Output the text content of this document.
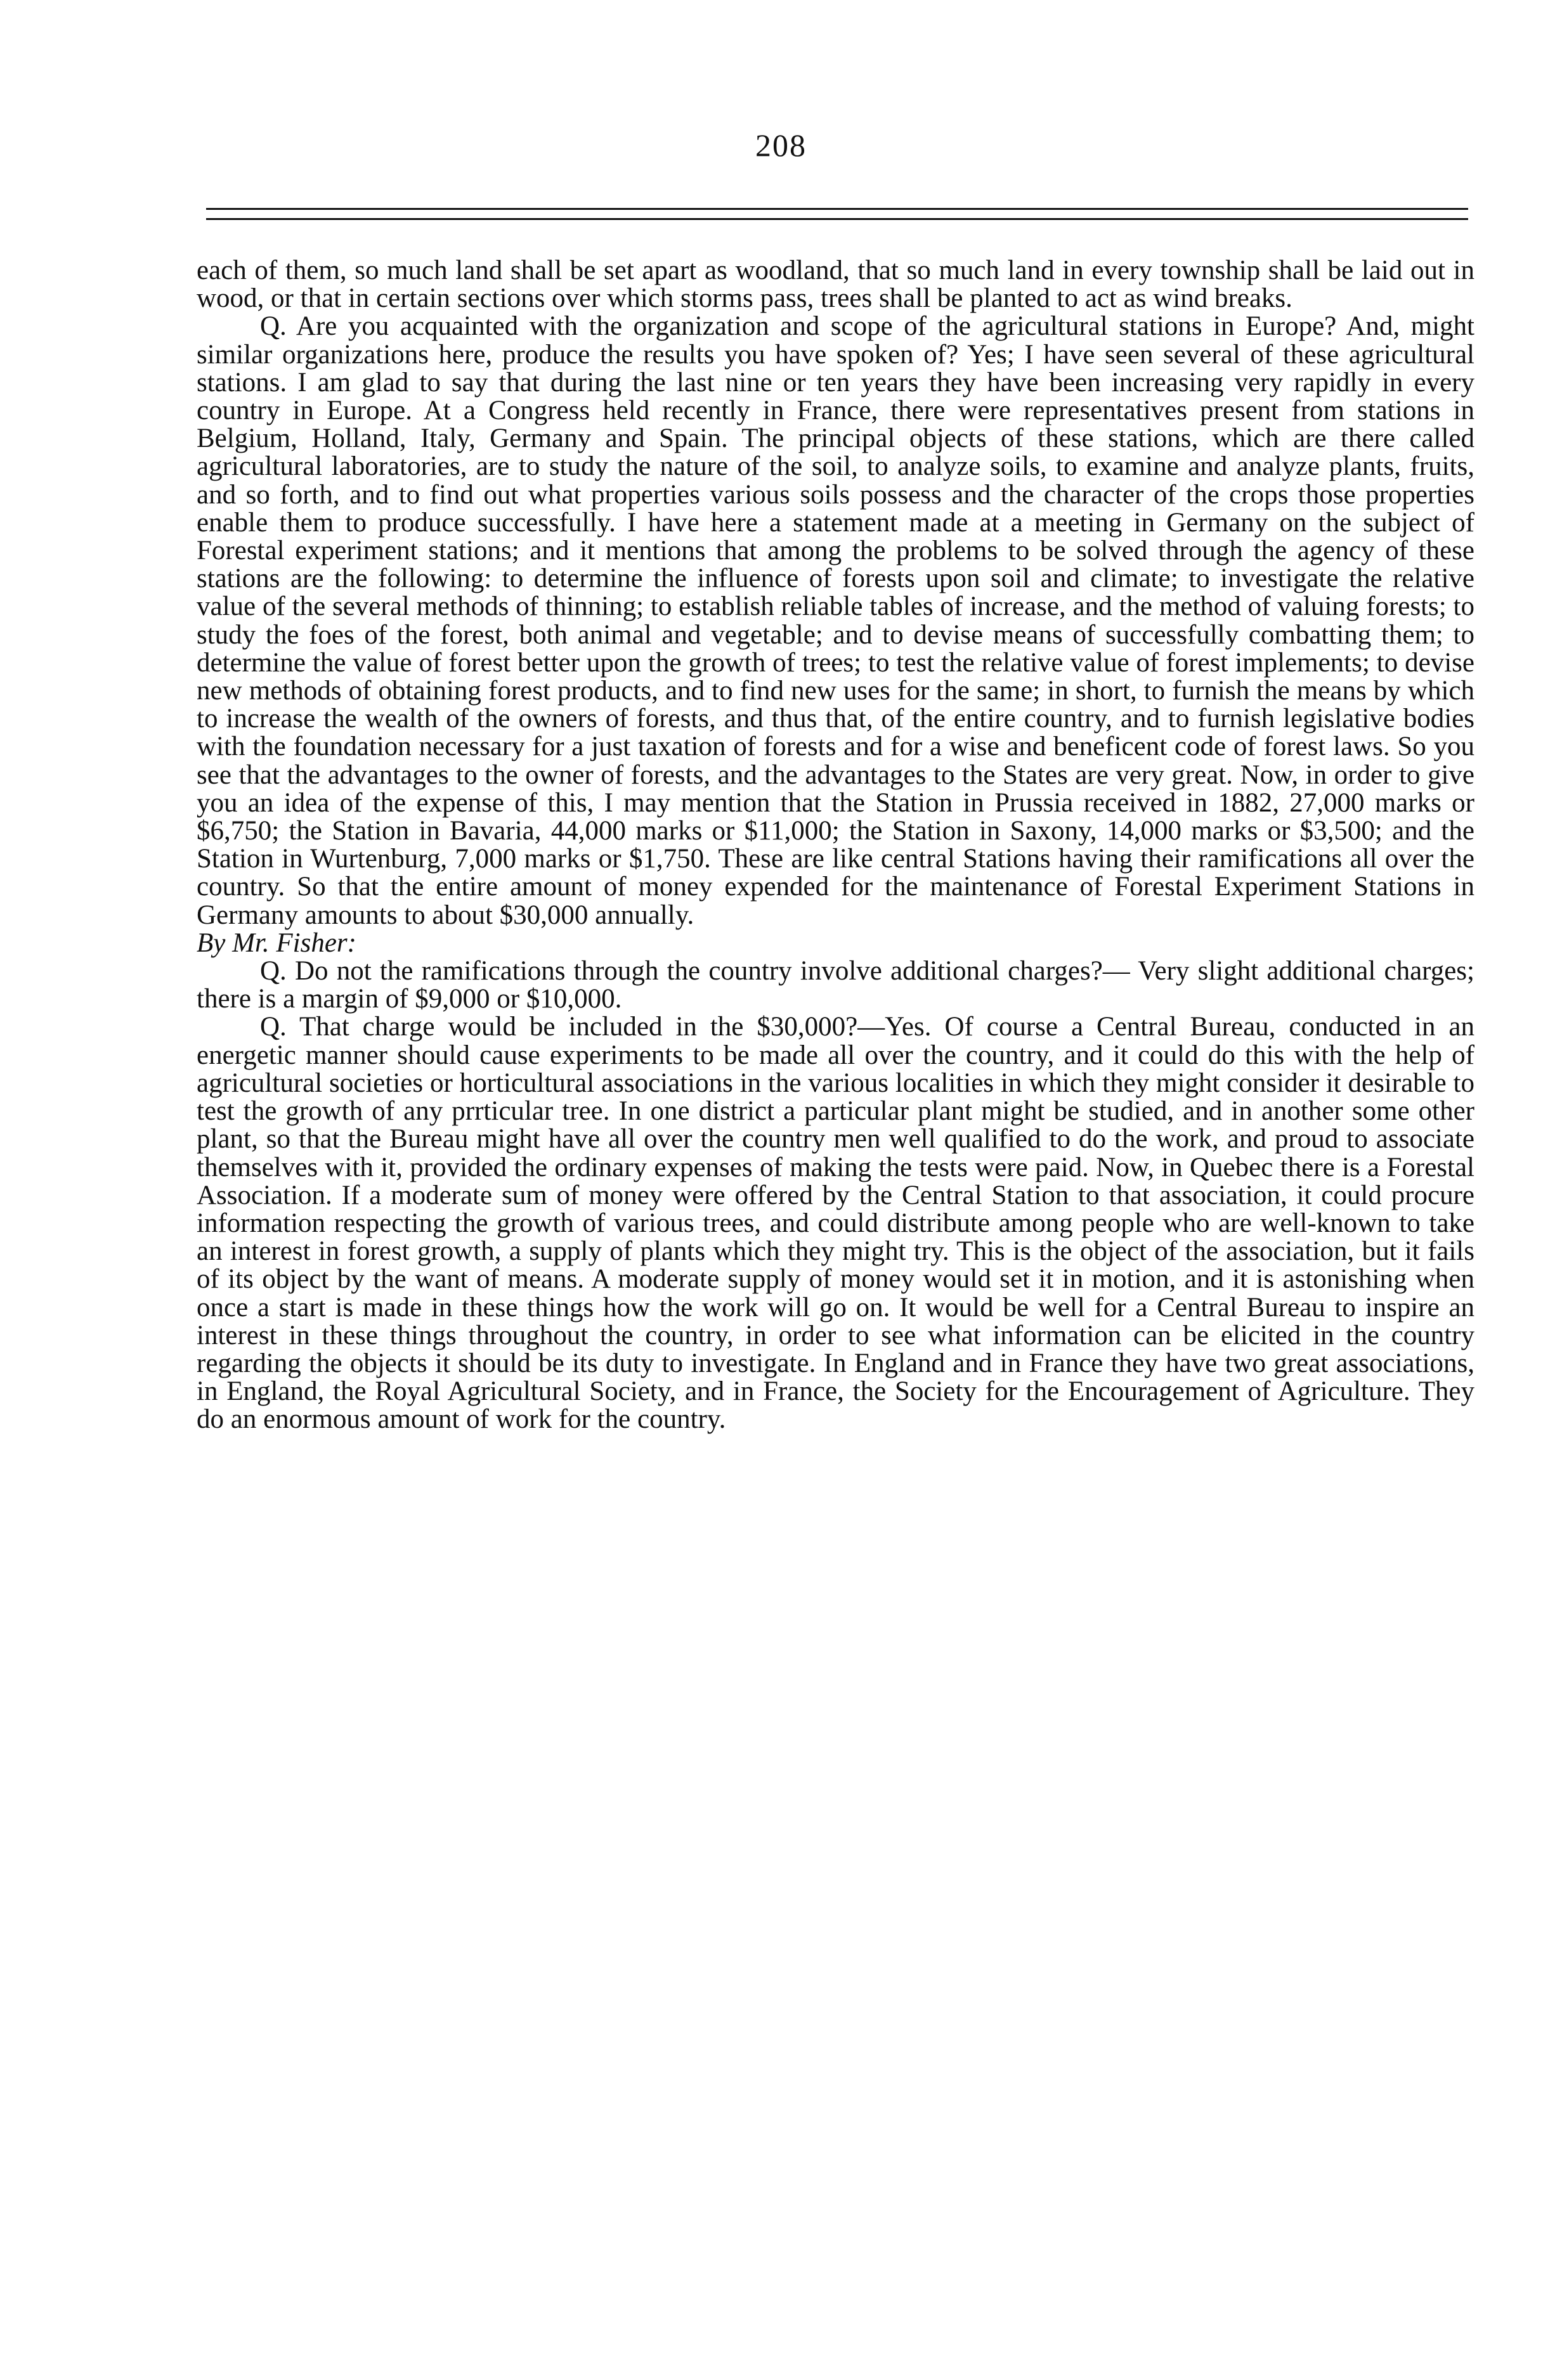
208

each of them, so much land shall be set apart as woodland, that so much land in every township shall be laid out in wood, or that in certain sections over which storms pass, trees shall be planted to act as wind breaks.

Q. Are you acquainted with the organization and scope of the agricultural stations in Europe? And, might similar organizations here, produce the results you have spoken of? Yes; I have seen several of these agricultural stations. I am glad to say that during the last nine or ten years they have been increasing very rapidly in every country in Europe. At a Congress held recently in France, there were representatives present from stations in Belgium, Holland, Italy, Germany and Spain. The principal objects of these stations, which are there called agricultural laboratories, are to study the nature of the soil, to analyze soils, to examine and analyze plants, fruits, and so forth, and to find out what properties various soils possess and the character of the crops those properties enable them to produce successfully. I have here a statement made at a meeting in Germany on the subject of Forestal experiment stations; and it mentions that among the problems to be solved through the agency of these stations are the following: to determine the influence of forests upon soil and climate; to investigate the relative value of the several methods of thinning; to establish reliable tables of increase, and the method of valuing forests; to study the foes of the forest, both animal and vegetable; and to devise means of successfully combatting them; to determine the value of forest better upon the growth of trees; to test the relative value of forest implements; to devise new methods of obtaining forest products, and to find new uses for the same; in short, to furnish the means by which to increase the wealth of the owners of forests, and thus that, of the entire country, and to furnish legislative bodies with the foundation necessary for a just taxation of forests and for a wise and beneficent code of forest laws. So you see that the advantages to the owner of forests, and the advantages to the States are very great. Now, in order to give you an idea of the expense of this, I may mention that the Station in Prussia received in 1882, 27,000 marks or $6,750; the Station in Bavaria, 44,000 marks or $11,000; the Station in Saxony, 14,000 marks or $3,500; and the Station in Wurtenburg, 7,000 marks or $1,750. These are like central Stations having their ramifications all over the country. So that the entire amount of money expended for the maintenance of Forestal Experiment Stations in Germany amounts to about $30,000 annually.

By Mr. Fisher:

Q. Do not the ramifications through the country involve additional charges?— Very slight additional charges; there is a margin of $9,000 or $10,000.

Q. That charge would be included in the $30,000?—Yes. Of course a Central Bureau, conducted in an energetic manner should cause experiments to be made all over the country, and it could do this with the help of agricultural societies or horticultural associations in the various localities in which they might consider it desirable to test the growth of any prrticular tree. In one district a particular plant might be studied, and in another some other plant, so that the Bureau might have all over the country men well qualified to do the work, and proud to associate themselves with it, provided the ordinary expenses of making the tests were paid. Now, in Quebec there is a Forestal Association. If a moderate sum of money were offered by the Central Station to that association, it could procure information respecting the growth of various trees, and could distribute among people who are well-known to take an interest in forest growth, a supply of plants which they might try. This is the object of the association, but it fails of its object by the want of means. A moderate supply of money would set it in motion, and it is astonishing when once a start is made in these things how the work will go on. It would be well for a Central Bureau to inspire an interest in these things throughout the country, in order to see what information can be elicited in the country regarding the objects it should be its duty to investigate. In England and in France they have two great associations, in England, the Royal Agricultural Society, and in France, the Society for the Encouragement of Agriculture. They do an enormous amount of work for the country.
